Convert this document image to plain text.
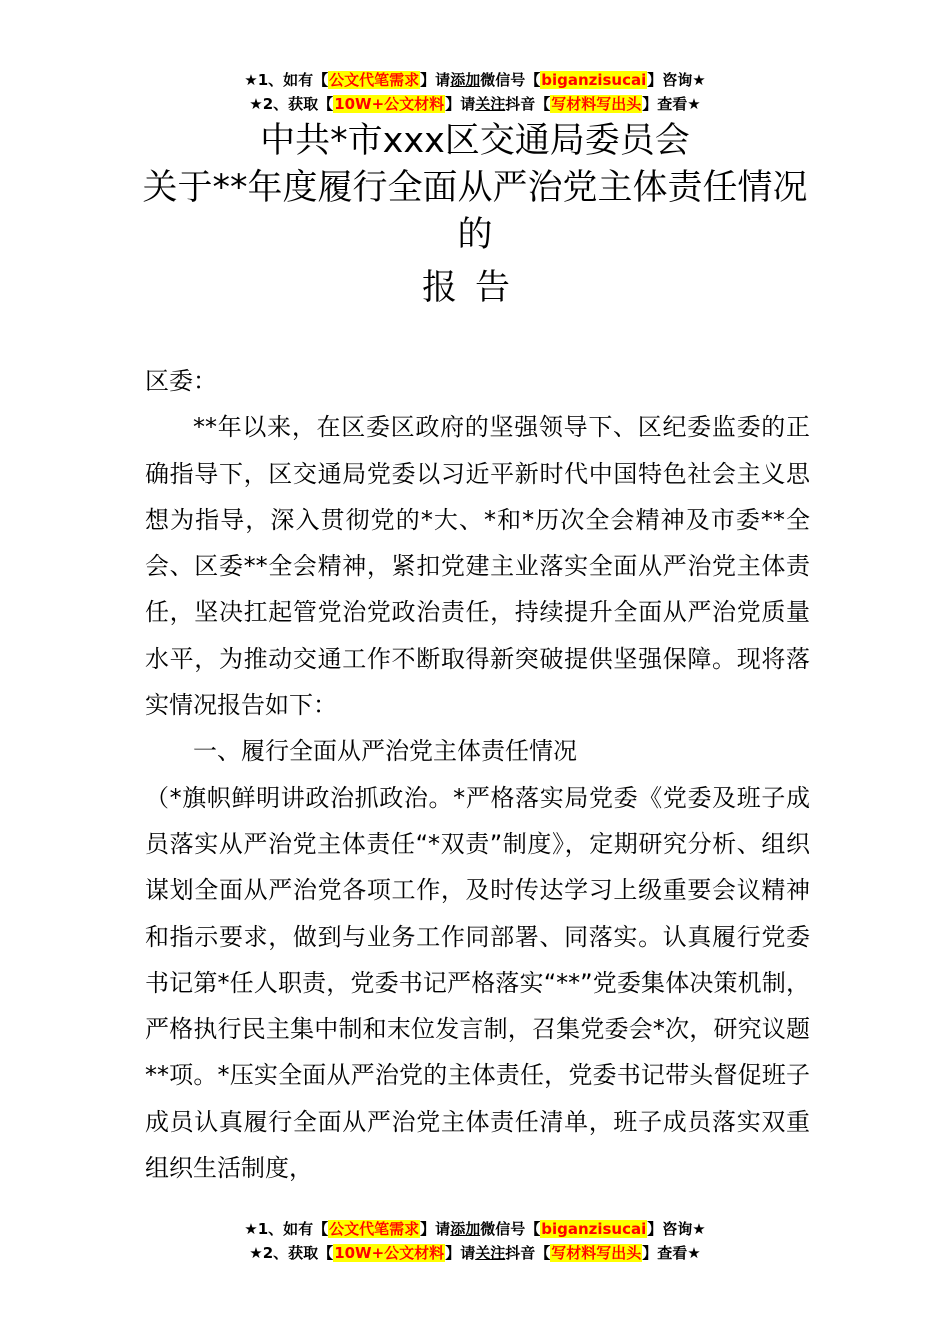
★1、如有【公文代笔需求】请添加微信号【biganzisucai】咨询★
★2、获取【10W+公文材料】请关注抖音【写材料写出头】查看★
中共*市xxx区交通局委员会
关于**年度履行全面从严治党主体责任情况
的
报告

区委：

**年以来，在区委区政府的坚强领导下、区纪委监委的正确指导下，区交通局党委以习近平新时代中国特色社会主义思想为指导，深入贯彻党的*大、*和*历次全会精神及市委**全会、区委**全会精神，紧扣党建主业落实全面从严治党主体责任，坚决扛起管党治党政治责任，持续提升全面从严治党质量水平，为推动交通工作不断取得新突破提供坚强保障。现将落实情况报告如下：

一、履行全面从严治党主体责任情况

（*旗帜鲜明讲政治抓政治。*严格落实局党委《党委及班子成员落实从严治党主体责任“*双责”制度》，定期研究分析、组织谋划全面从严治党各项工作，及时传达学习上级重要会议精神和指示要求，做到与业务工作同部署、同落实。认真履行党委书记第*任人职责，党委书记严格落实“**”党委集体决策机制，严格执行民主集中制和末位发言制，召集党委会*次，研究议题**项。*压实全面从严治党的主体责任，党委书记带头督促班子成员认真履行全面从严治党主体责任清单，班子成员落实双重组织生活制度，

★1、如有【公文代笔需求】请添加微信号【biganzisucai】咨询★
★2、获取【10W+公文材料】请关注抖音【写材料写出头】查看★
